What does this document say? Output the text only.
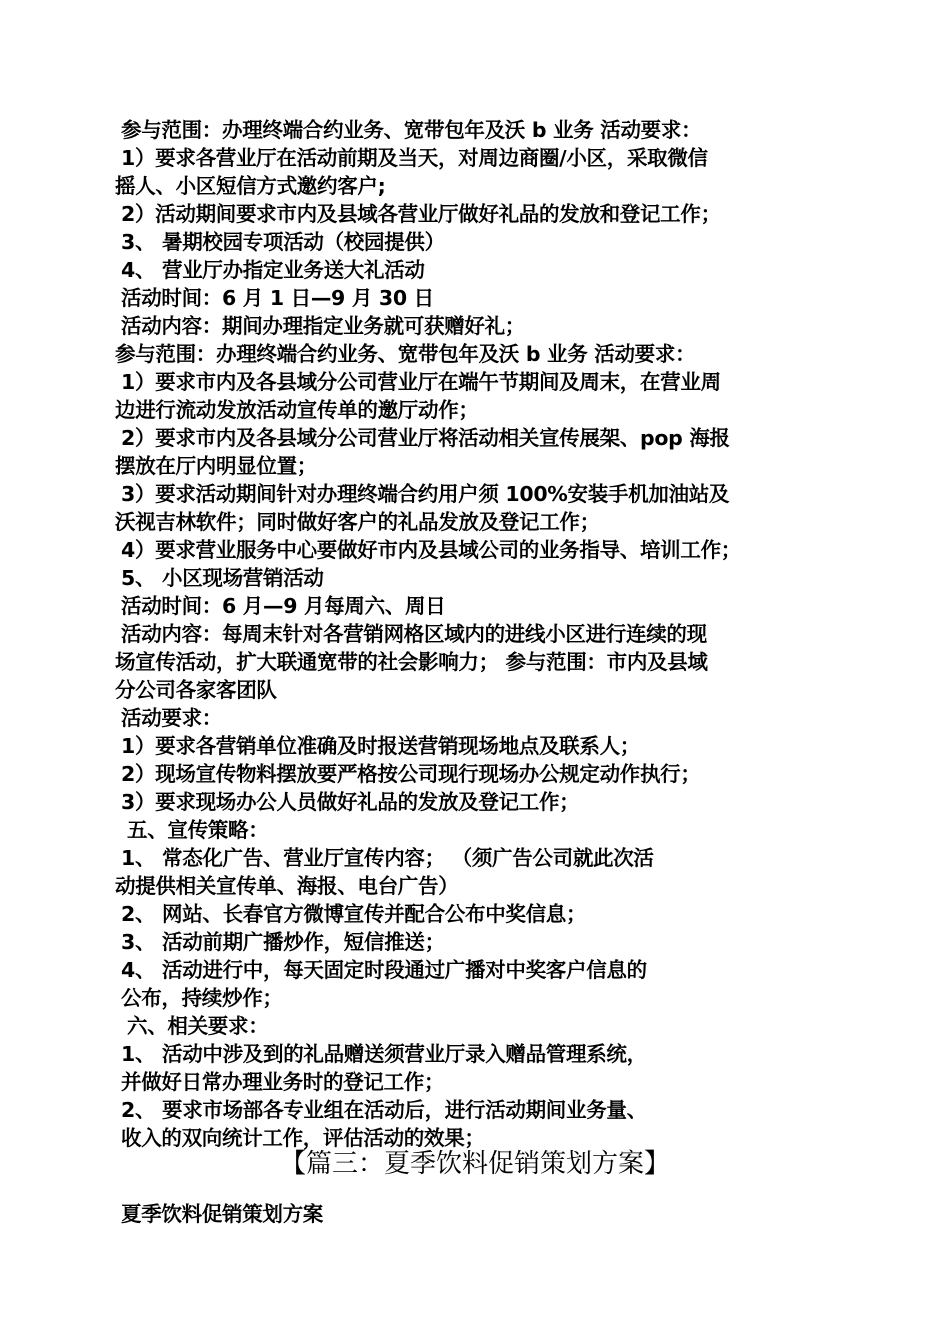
参与范围：办理终端合约业务、宽带包年及沃 b 业务 活动要求：
1）要求各营业厅在活动前期及当天，对周边商圈/小区，采取微信
摇人、小区短信方式邀约客户;
2）活动期间要求市内及县域各营业厅做好礼品的发放和登记工作；
3、 暑期校园专项活动（校园提供）
4、 营业厅办指定业务送大礼活动
活动时间：6 月 1 日—9 月 30 日
活动内容：期间办理指定业务就可获赠好礼；
参与范围：办理终端合约业务、宽带包年及沃 b 业务 活动要求：
1）要求市内及各县域分公司营业厅在端午节期间及周末，在营业周
边进行流动发放活动宣传单的邀厅动作；
2）要求市内及各县域分公司营业厅将活动相关宣传展架、pop 海报
摆放在厅内明显位置；
3）要求活动期间针对办理终端合约用户须 100%安装手机加油站及
沃视吉林软件；同时做好客户的礼品发放及登记工作；
4）要求营业服务中心要做好市内及县域公司的业务指导、培训工作；
5、 小区现场营销活动
活动时间：6 月—9 月每周六、周日
活动内容：每周末针对各营销网格区域内的进线小区进行连续的现
场宣传活动，扩大联通宽带的社会影响力； 参与范围：市内及县域
分公司各家客团队
活动要求：
1）要求各营销单位准确及时报送营销现场地点及联系人；
2）现场宣传物料摆放要严格按公司现行现场办公规定动作执行；
3）要求现场办公人员做好礼品的发放及登记工作；
五、宣传策略：
1、 常态化广告、营业厅宣传内容； （须广告公司就此次活
动提供相关宣传单、海报、电台广告）
2、 网站、长春官方微博宣传并配合公布中奖信息；
3、 活动前期广播炒作，短信推送；
4、 活动进行中，每天固定时段通过广播对中奖客户信息的
公布，持续炒作；
六、相关要求：
1、 活动中涉及到的礼品赠送须营业厅录入赠品管理系统，
并做好日常办理业务时的登记工作；
2、 要求市场部各专业组在活动后，进行活动期间业务量、
收入的双向统计工作，评估活动的效果；
【篇三：夏季饮料促销策划方案】
夏季饮料促销策划方案
